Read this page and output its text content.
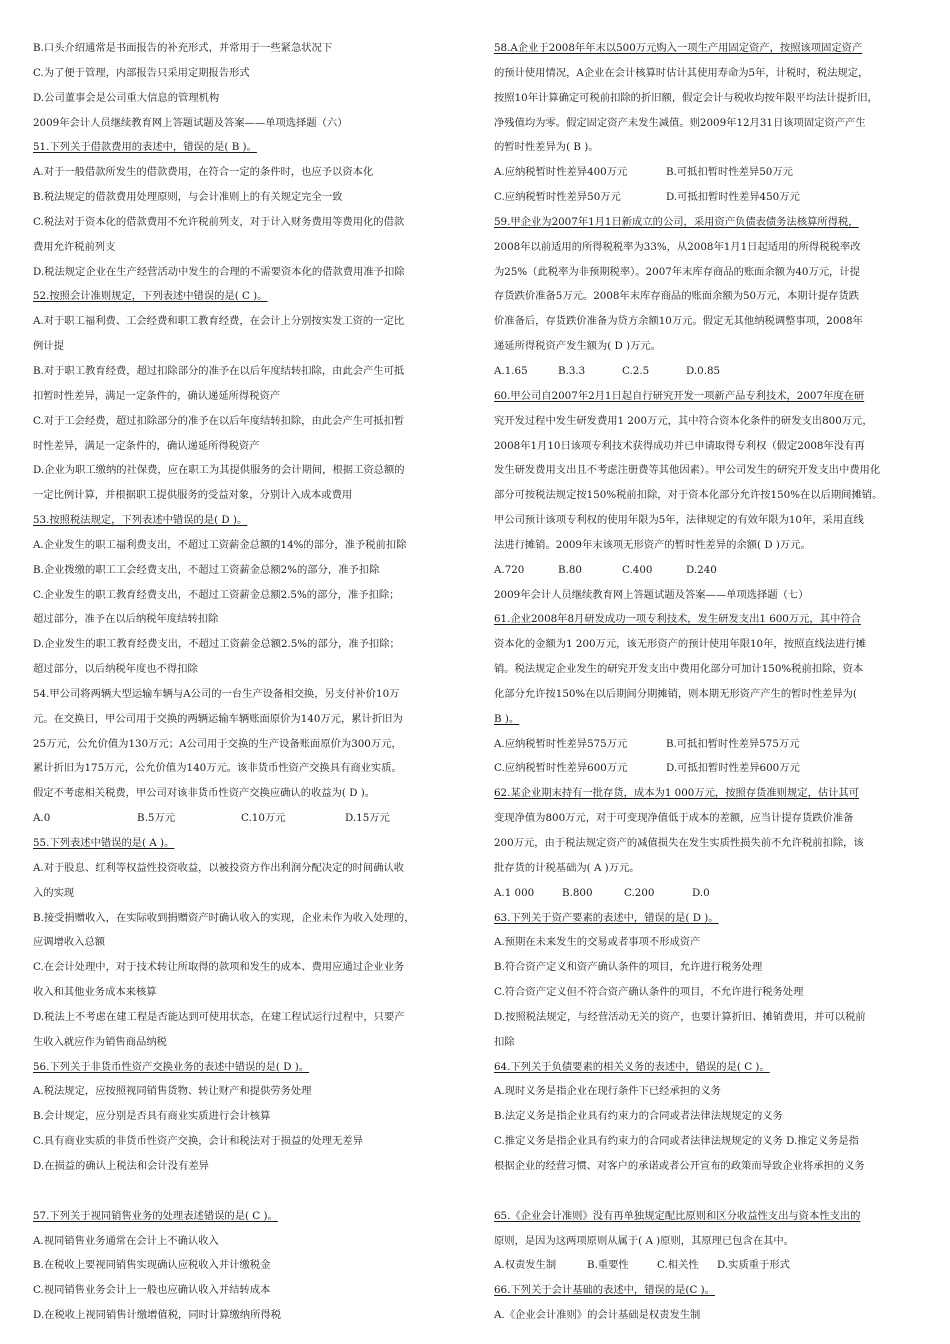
B.口头介绍通常是书面报告的补充形式，并常用于一些紧急状况下
C.为了便于管理，内部报告只采用定期报告形式
D.公司董事会是公司重大信息的管理机构
2009年会计人员继续教育网上答题试题及答案——单项选择题（六）
51.下列关于借款费用的表述中，错误的是( B )。
A.对于一般借款所发生的借款费用，在符合一定的条件时，也应予以资本化
B.税法规定的借款费用处理原则，与会计准则上的有关规定完全一致
C.税法对于资本化的借款费用不允许税前列支，对于计入财务费用等费用化的借款
费用允许税前列支
D.税法规定企业在生产经营活动中发生的合理的不需要资本化的借款费用准予扣除
52.按照会计准则规定，下列表述中错误的是( C )。
A.对于职工福利费、工会经费和职工教育经费，在会计上分别按实发工资的一定比
例计提
B.对于职工教育经费，超过扣除部分的准予在以后年度结转扣除，由此会产生可抵
扣暂时性差异，满足一定条件的，确认递延所得税资产
C.对于工会经费，超过扣除部分的准予在以后年度结转扣除，由此会产生可抵扣暂
时性差异，满足一定条件的，确认递延所得税资产
D.企业为职工缴纳的社保费，应在职工为其提供服务的会计期间，根据工资总额的
一定比例计算，并根据职工提供服务的受益对象，分别计入成本或费用
53.按照税法规定，下列表述中错误的是( D )。
A.企业发生的职工福利费支出，不超过工资薪金总额的14%的部分，准予税前扣除
B.企业拨缴的职工工会经费支出，不超过工资薪金总额2%的部分，准予扣除
C.企业发生的职工教育经费支出，不超过工资薪金总额2.5%的部分，准予扣除；
超过部分，准予在以后纳税年度结转扣除
D.企业发生的职工教育经费支出，不超过工资薪金总额2.5%的部分，准予扣除；
超过部分，以后纳税年度也不得扣除
54.甲公司将两辆大型运输车辆与A公司的一台生产设备相交换，另支付补价10万
元。在交换日，甲公司用于交换的两辆运输车辆账面原价为140万元，累计折旧为
25万元，公允价值为130万元；A公司用于交换的生产设备账面原价为300万元，
累计折旧为175万元，公允价值为140万元。该非货币性资产交换具有商业实质。
假定不考虑相关税费，甲公司对该非货币性资产交换应确认的收益为( D )。
A.0	B.5万元	C.10万元	D.15万元
55.下列表述中错误的是( A )。
A.对于股息、红利等权益性投资收益，以被投资方作出利润分配决定的时间确认收
入的实现
B.接受捐赠收入，在实际收到捐赠资产时确认收入的实现，企业未作为收入处理的，
应调增收入总额
C.在会计处理中，对于技术转让所取得的款项和发生的成本、费用应通过企业业务
收入和其他业务成本来核算
D.税法上不考虑在建工程是否能达到可使用状态，在建工程试运行过程中，只要产
生收入就应作为销售商品纳税
56.下列关于非货币性资产交换业务的表述中错误的是( D )。
A.税法规定，应按照视同销售货物、转让财产和提供劳务处理
B.会计规定，应分别是否具有商业实质进行会计核算
C.具有商业实质的非货币性资产交换，会计和税法对于损益的处理无差异
D.在损益的确认上税法和会计没有差异
57.下列关于视同销售业务的处理表述错误的是( C )。
A.视同销售业务通常在会计上不确认收入
B.在税收上要视同销售实现确认应税收入并计缴税金
C.视同销售业务会计上一般也应确认收入并结转成本
D.在税收上视同销售计缴增值税，同时计算缴纳所得税
58.A企业于2008年年末以500万元购入一项生产用固定资产，按照该项固定资产
的预计使用情况，A企业在会计核算时估计其使用寿命为5年，计税时，税法规定，
按照10年计算确定可税前扣除的折旧额，假定会计与税收均按年限平均法计提折旧，
净残值均为零。假定固定资产未发生减值。则2009年12月31日该项固定资产产生
的暂时性差异为( B )。
A.应纳税暂时性差异400万元	B.可抵扣暂时性差异50万元
C.应纳税暂时性差异50万元	D.可抵扣暂时性差异450万元
59.甲企业为2007年1月1日新成立的公司，采用资产负债表债务法核算所得税，
2008年以前适用的所得税税率为33%，从2008年1月1日起适用的所得税税率改
为25%（此税率为非预期税率）。2007年末库存商品的账面余额为40万元，计提
存货跌价准备5万元。2008年末库存商品的账面余额为50万元，本期计提存货跌
价准备后，存货跌价准备为贷方余额10万元。假定无其他纳税调整事项，2008年
递延所得税资产发生额为( D )万元。
A.1.65	B.3.3	C.2.5	D.0.85
60.甲公司自2007年2月1日起自行研究开发一项新产品专利技术，2007年度在研
究开发过程中发生研发费用1 200万元，其中符合资本化条件的研发支出800万元，
2008年1月10日该项专利技术获得成功并已申请取得专利权（假定2008年没有再
发生研发费用支出且不考虑注册费等其他因素）。甲公司发生的研究开发支出中费用化
部分可按税法规定按150%税前扣除，对于资本化部分允许按150%在以后期间摊销。
甲公司预计该项专利权的使用年限为5年，法律规定的有效年限为10年，采用直线
法进行摊销。2009年末该项无形资产的暂时性差异的余额( D )万元。
A.720	B.80	C.400	D.240
2009年会计人员继续教育网上答题试题及答案——单项选择题（七）
61.企业2008年8月研发成功一项专利技术，发生研发支出1 600万元，其中符合
资本化的金额为1 200万元，该无形资产的预计使用年限10年，按照直线法进行摊
销。税法规定企业发生的研究开发支出中费用化部分可加计150%税前扣除，资本
化部分允许按150%在以后期间分期摊销，则本期无形资产产生的暂时性差异为(
B )。
A.应纳税暂时性差异575万元	B.可抵扣暂时性差异575万元
C.应纳税暂时性差异600万元	D.可抵扣暂时性差异600万元
62.某企业期末持有一批存货，成本为1 000万元，按照存货准则规定，估计其可
变现净值为800万元，对于可变现净值低于成本的差额，应当计提存货跌价准备
200万元，由于税法规定资产的减值损失在发生实质性损失前不允许税前扣除，该
批存货的计税基础为( A )万元。
A.1 000	B.800	C.200	D.0
63.下列关于资产要素的表述中，错误的是( D )。
A.预期在未来发生的交易或者事项不形成资产
B.符合资产定义和资产确认条件的项目，允许进行税务处理
C.符合资产定义但不符合资产确认条件的项目，不允许进行税务处理
D.按照税法规定，与经营活动无关的资产，也要计算折旧、摊销费用，并可以税前
扣除
64.下列关于负债要素的相关义务的表述中，错误的是( C )。
A.现时义务是指企业在现行条件下已经承担的义务
B.法定义务是指企业具有约束力的合同或者法律法规规定的义务
C.推定义务是指企业具有约束力的合同或者法律法规规定的义务 D.推定义务是指
根据企业的经营习惯、对客户的承诺或者公开宣布的政策而导致企业将承担的义务
65.《企业会计准则》没有再单独规定配比原则和区分收益性支出与资本性支出的
原则，是因为这两项原则从属于( A )原则，其原理已包含在其中。
A.权责发生制	B.重要性	C.相关性 D.实质重于形式
66.下列关于会计基础的表述中，错误的是(C )。
A.《企业会计准则》的会计基础是权责发生制
